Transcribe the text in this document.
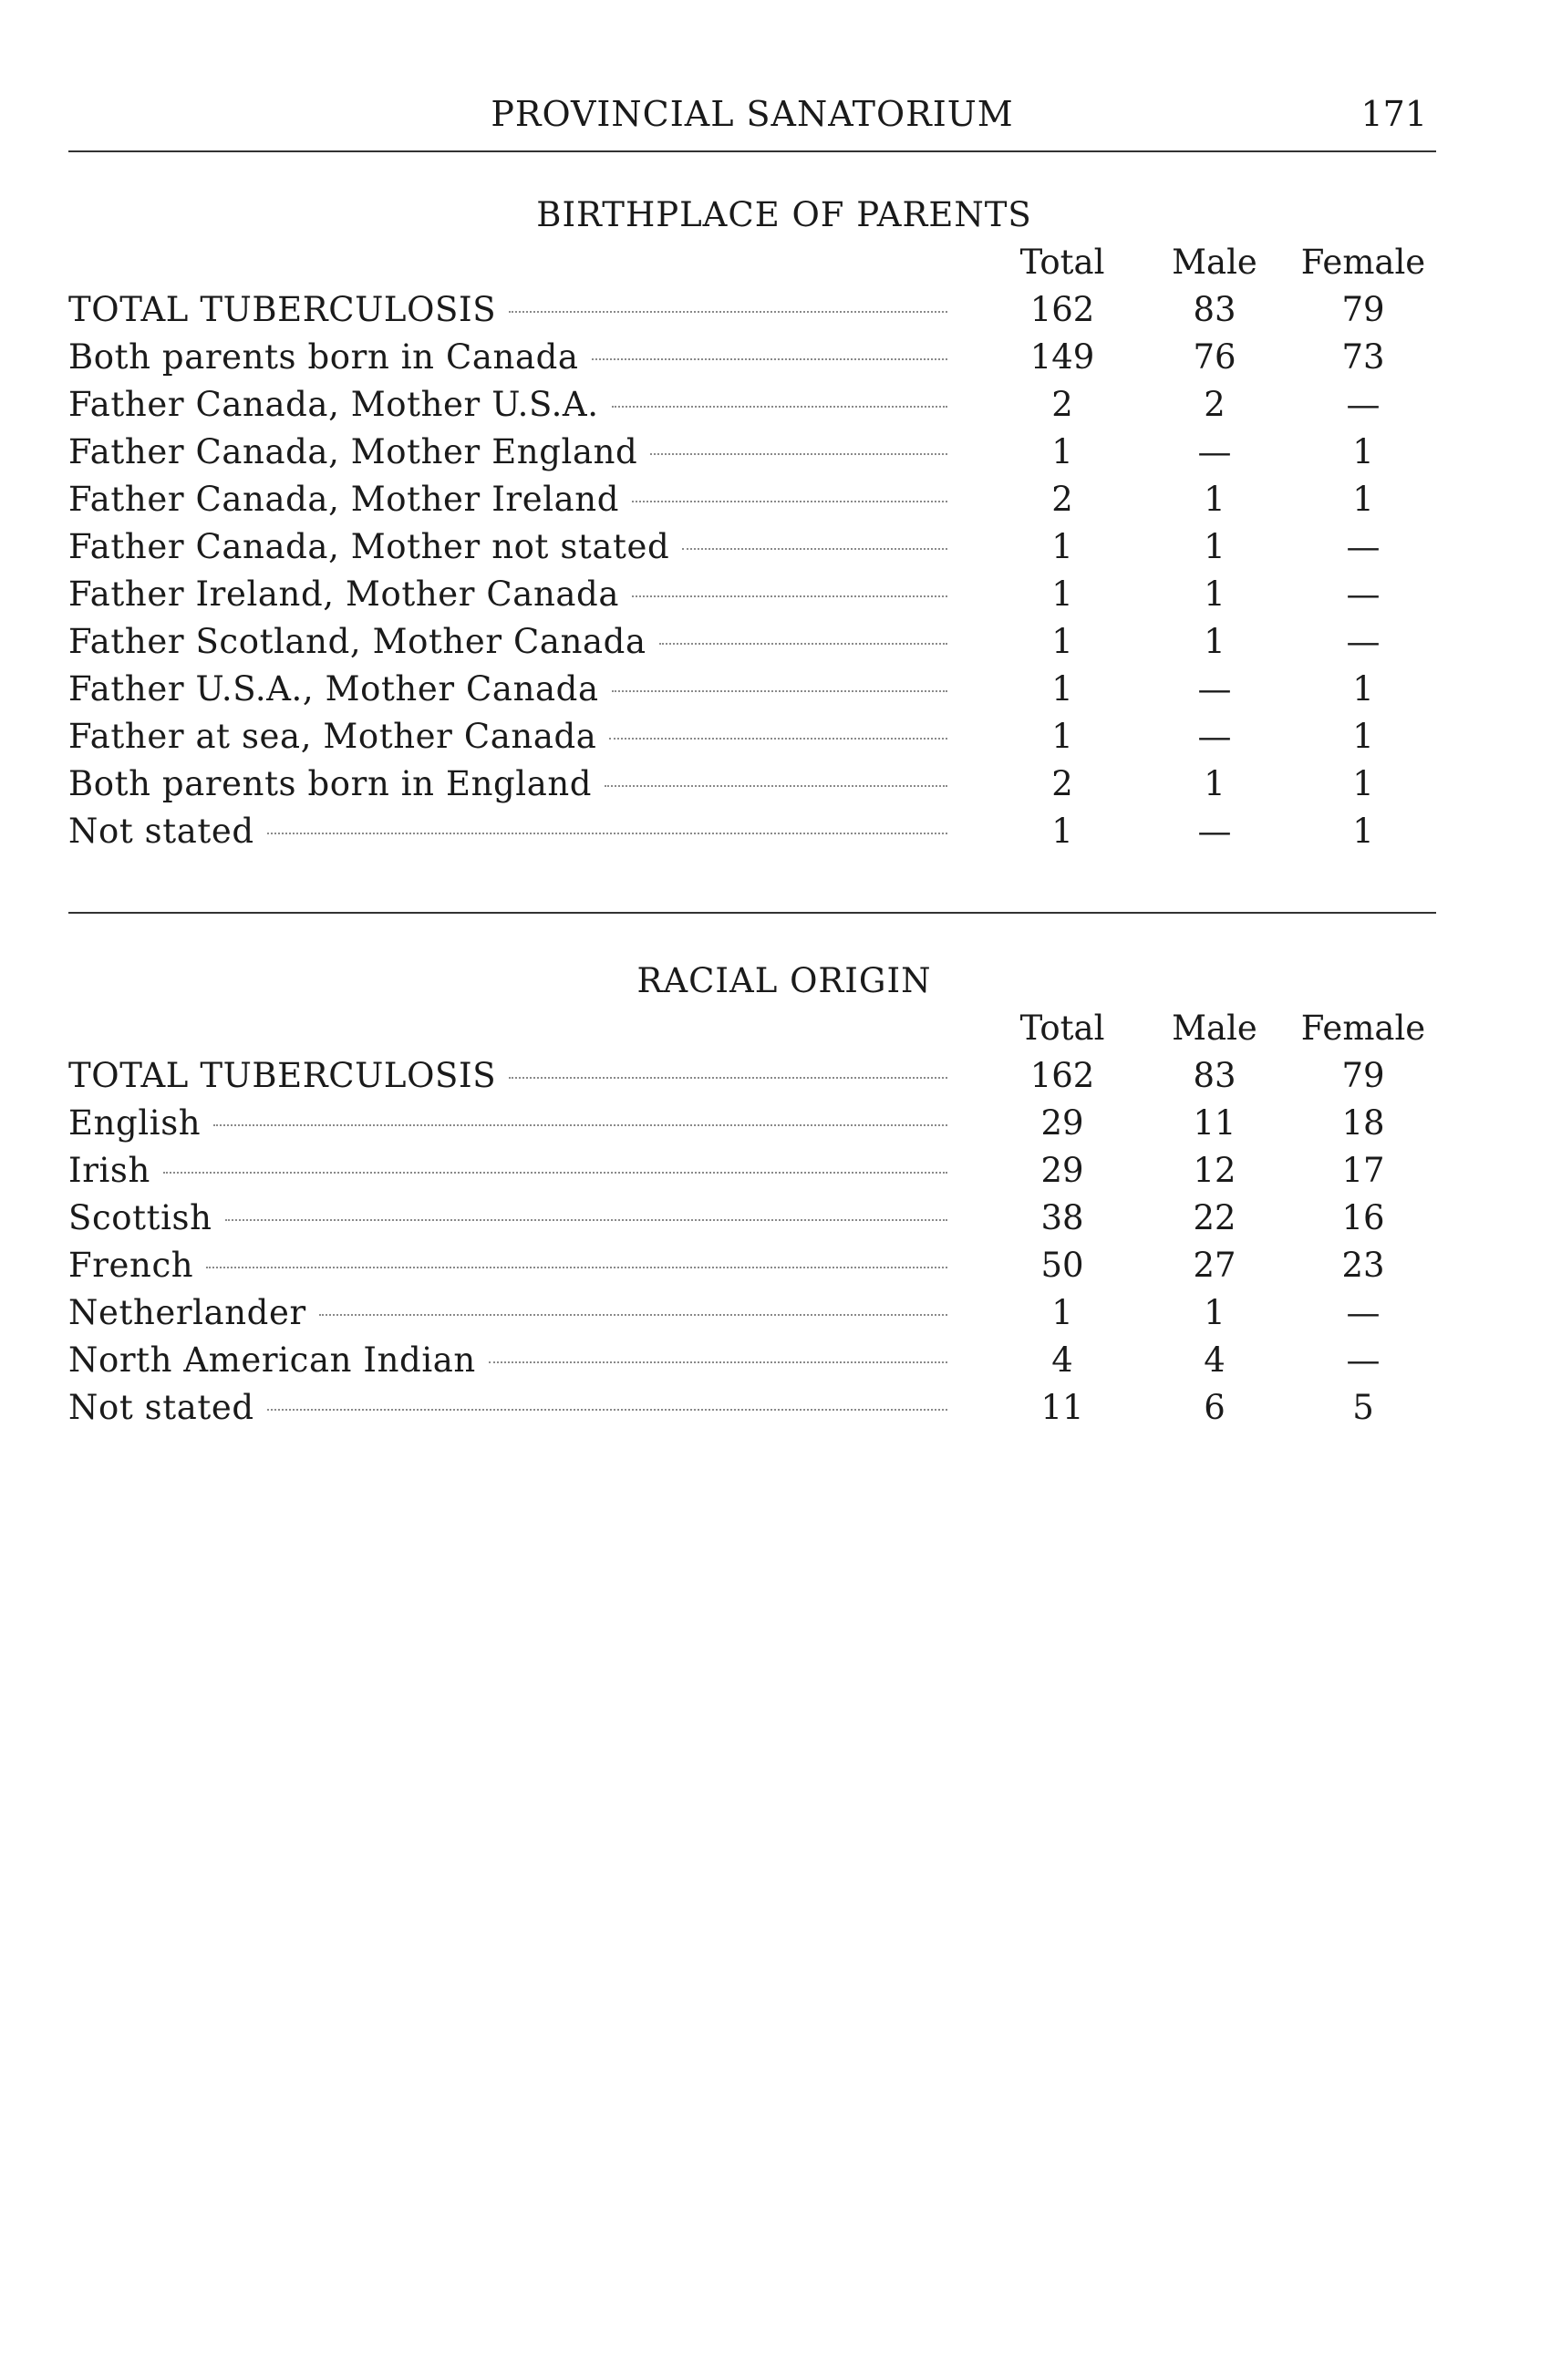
PROVINCIAL SANATORIUM	171
BIRTHPLACE OF PARENTS
Total	Male	Female
TOTAL TUBERCULOSIS	162	83	79
Both parents born in Canada	149	76	73
Father Canada, Mother U.S.A.	2	2	—
Father Canada, Mother England	1	—	1
Father Canada, Mother Ireland	2	1	1
Father Canada, Mother not stated	1	1	—
Father Ireland, Mother Canada	1	1	—
Father Scotland, Mother Canada	1	1	—
Father U.S.A., Mother Canada	1	—	1
Father at sea, Mother Canada	1	—	1
Both parents born in England	2	1	1
Not stated	1	—	1
RACIAL ORIGIN
Total	Male	Female
TOTAL TUBERCULOSIS	162	83	79
English	29	11	18
Irish	29	12	17
Scottish	38	22	16
French	50	27	23
Netherlander	1	1	—
North American Indian	4	4	—
Not stated	11	6	5
